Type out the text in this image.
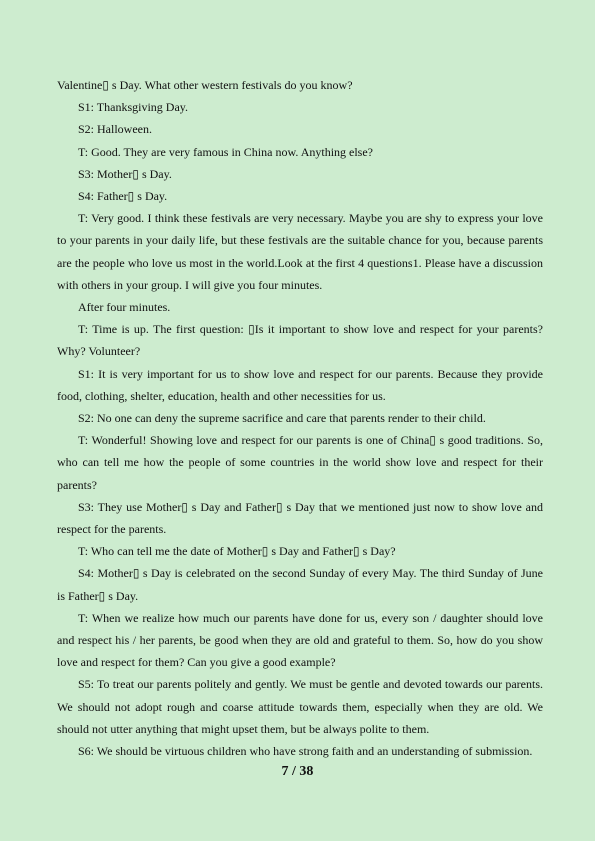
Valentine▯ s Day. What other western festivals do you know?

S1: Thanksgiving Day.

S2: Halloween.

T: Good. They are very famous in China now. Anything else?

S3: Mother▯ s Day.

S4: Father▯ s Day.

T: Very good. I think these festivals are very necessary. Maybe you are shy to express your love to your parents in your daily life, but these festivals are the suitable chance for you, because parents are the people who love us most in the world.Look at the first 4 questions1. Please have a discussion with others in your group. I will give you four minutes.

After four minutes.

T: Time is up. The first question: ▯Is it important to show love and respect for your parents? Why? Volunteer?

S1: It is very important for us to show love and respect for our parents. Because they provide food, clothing, shelter, education, health and other necessities for us.

S2: No one can deny the supreme sacrifice and care that parents render to their child.

T: Wonderful! Showing love and respect for our parents is one of China▯ s good traditions. So, who can tell me how the people of some countries in the world show love and respect for their parents?

S3: They use Mother▯ s Day and Father▯ s Day that we mentioned just now to show love and respect for the parents.

T: Who can tell me the date of Mother▯ s Day and Father▯ s Day?

S4: Mother▯ s Day is celebrated on the second Sunday of every May. The third Sunday of June is Father▯ s Day.

T: When we realize how much our parents have done for us, every son / daughter should love and respect his / her parents, be good when they are old and grateful to them. So, how do you show love and respect for them? Can you give a good example?

S5: To treat our parents politely and gently. We must be gentle and devoted towards our parents. We should not adopt rough and coarse attitude towards them, especially when they are old. We should not utter anything that might upset them, but be always polite to them.

S6: We should be virtuous children who have strong faith and an understanding of submission.

7 / 38
